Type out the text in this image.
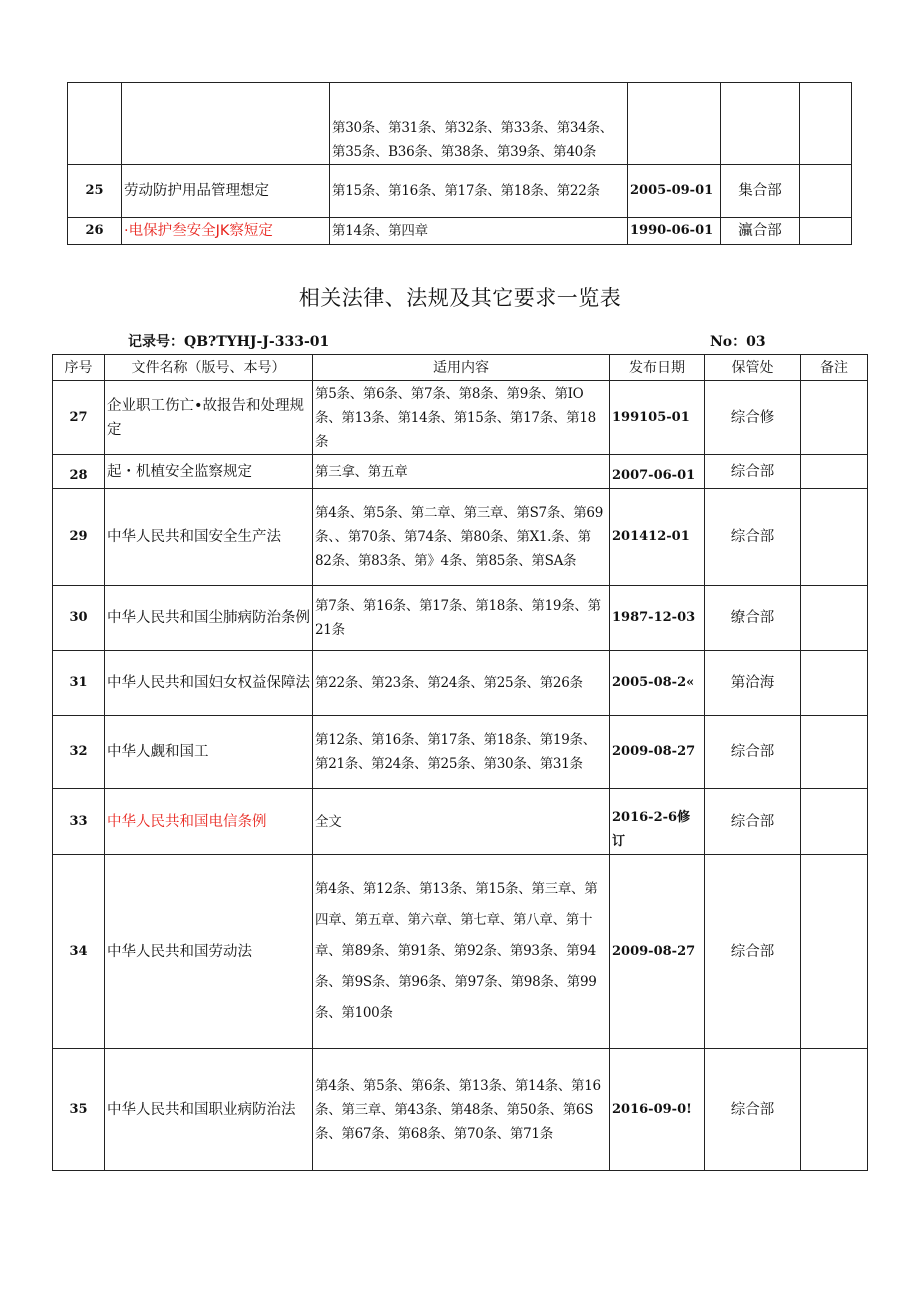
		第30条、第31条、第32条、第33条、第34条、第35条、B36条、第38条、第39条、第40条			
25	劳动防护用品管理想定	第15条、第16条、第17条、第18条、第22条	2005-09-01	集合部	
26	·电保护叁安全JK察短定	第14条、第四章	1990-06-01	灜合部	
相关法律、法规及其它要求一览表
记录号：QB?TYHJ-J-333-01	No：03
序号	文件名称（版号、本号）	适用内容	发布日期	保管处	备注
27	企业职工伤亡•故报告和处理规定	第5条、第6条、第7条、第8条、第9条、第IO条、第13条、第14条、第15条、第17条、第18条	199105-01	综合修	
28	起・机植安全监察规定	第三拿、第五章	2007-06-01	综合部	
29	中华人民共和国安全生产法	第4条、第5条、第二章、第三章、第S7条、第69条、、第70条、第74条、第80条、第X1.条、第82条、第83条、第》4条、第85条、第SA条	201412-01	综合部	
30	中华人民共和国尘肺病防治条例	第7条、第16条、第17条、第18条、第19条、第21条	1987-12-03	缭合部	
31	中华人民共和国妇女权益保障法	第22条、第23条、第24条、第25条、第26条	2005-08-2«	第洽海	
32	中华人觑和国工	第12条、第16条、第17条、第18条、第19条、第21条、第24条、第25条、第30条、第31条	2009-08-27	综合部	
33	中华人民共和国电信条例	全文	2016-2-6修订	综合部	
34	中华人民共和国劳动法	第4条、第12条、第13条、第15条、第三章、第四章、第五章、第六章、第七章、第八章、第十章、第89条、第91条、第92条、第93条、第94条、第9S条、第96条、第97条、第98条、第99条、第100条	2009-08-27	综合部	
35	中华人民共和国职业病防治法	第4条、第5条、第6条、第13条、第14条、第16条、第三章、第43条、第48条、第50条、第6S条、第67条、第68条、第70条、第71条	2016-09-0!	综合部	
